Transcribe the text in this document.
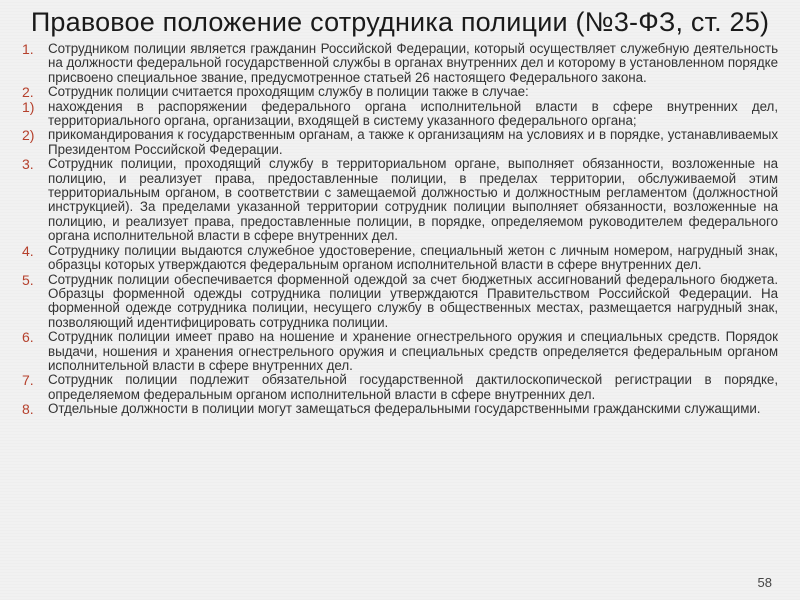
Правовое положение сотрудника полиции (№3-ФЗ, ст. 25)
1.	Сотрудником полиции является гражданин Российской Федерации, который осуществляет служебную деятельность на должности федеральной государственной службы в органах внутренних дел и которому в установленном порядке присвоено специальное звание, предусмотренное статьей 26 настоящего Федерального закона.
2.	Сотрудник полиции считается проходящим службу в полиции также в случае:
1)	нахождения в распоряжении федерального органа исполнительной власти в сфере внутренних дел, территориального органа, организации, входящей в систему указанного федерального органа;
2)	прикомандирования к государственным органам, а также к организациям на условиях и в порядке, устанавливаемых Президентом Российской Федерации.
3.	Сотрудник полиции, проходящий службу в территориальном органе, выполняет обязанности, возложенные на полицию, и реализует права, предоставленные полиции, в пределах территории, обслуживаемой этим территориальным органом, в соответствии с замещаемой должностью и должностным регламентом (должностной инструкцией). За пределами указанной территории сотрудник полиции выполняет обязанности, возложенные на полицию, и реализует права, предоставленные полиции, в порядке, определяемом руководителем федерального органа исполнительной власти в сфере внутренних дел.
4.	Сотруднику полиции выдаются служебное удостоверение, специальный жетон с личным номером, нагрудный знак, образцы которых утверждаются федеральным органом исполнительной власти в сфере внутренних дел.
5.	Сотрудник полиции обеспечивается форменной одеждой за счет бюджетных ассигнований федерального бюджета. Образцы форменной одежды сотрудника полиции утверждаются Правительством Российской Федерации. На форменной одежде сотрудника полиции, несущего службу в общественных местах, размещается нагрудный знак, позволяющий идентифицировать сотрудника полиции.
6.	Сотрудник полиции имеет право на ношение и хранение огнестрельного оружия и специальных средств. Порядок выдачи, ношения и хранения огнестрельного оружия и специальных средств определяется федеральным органом исполнительной власти в сфере внутренних дел.
7.	Сотрудник полиции подлежит обязательной государственной дактилоскопической регистрации в порядке, определяемом федеральным органом исполнительной власти в сфере внутренних дел.
8.	Отдельные должности в полиции могут замещаться федеральными государственными гражданскими служащими.
58
